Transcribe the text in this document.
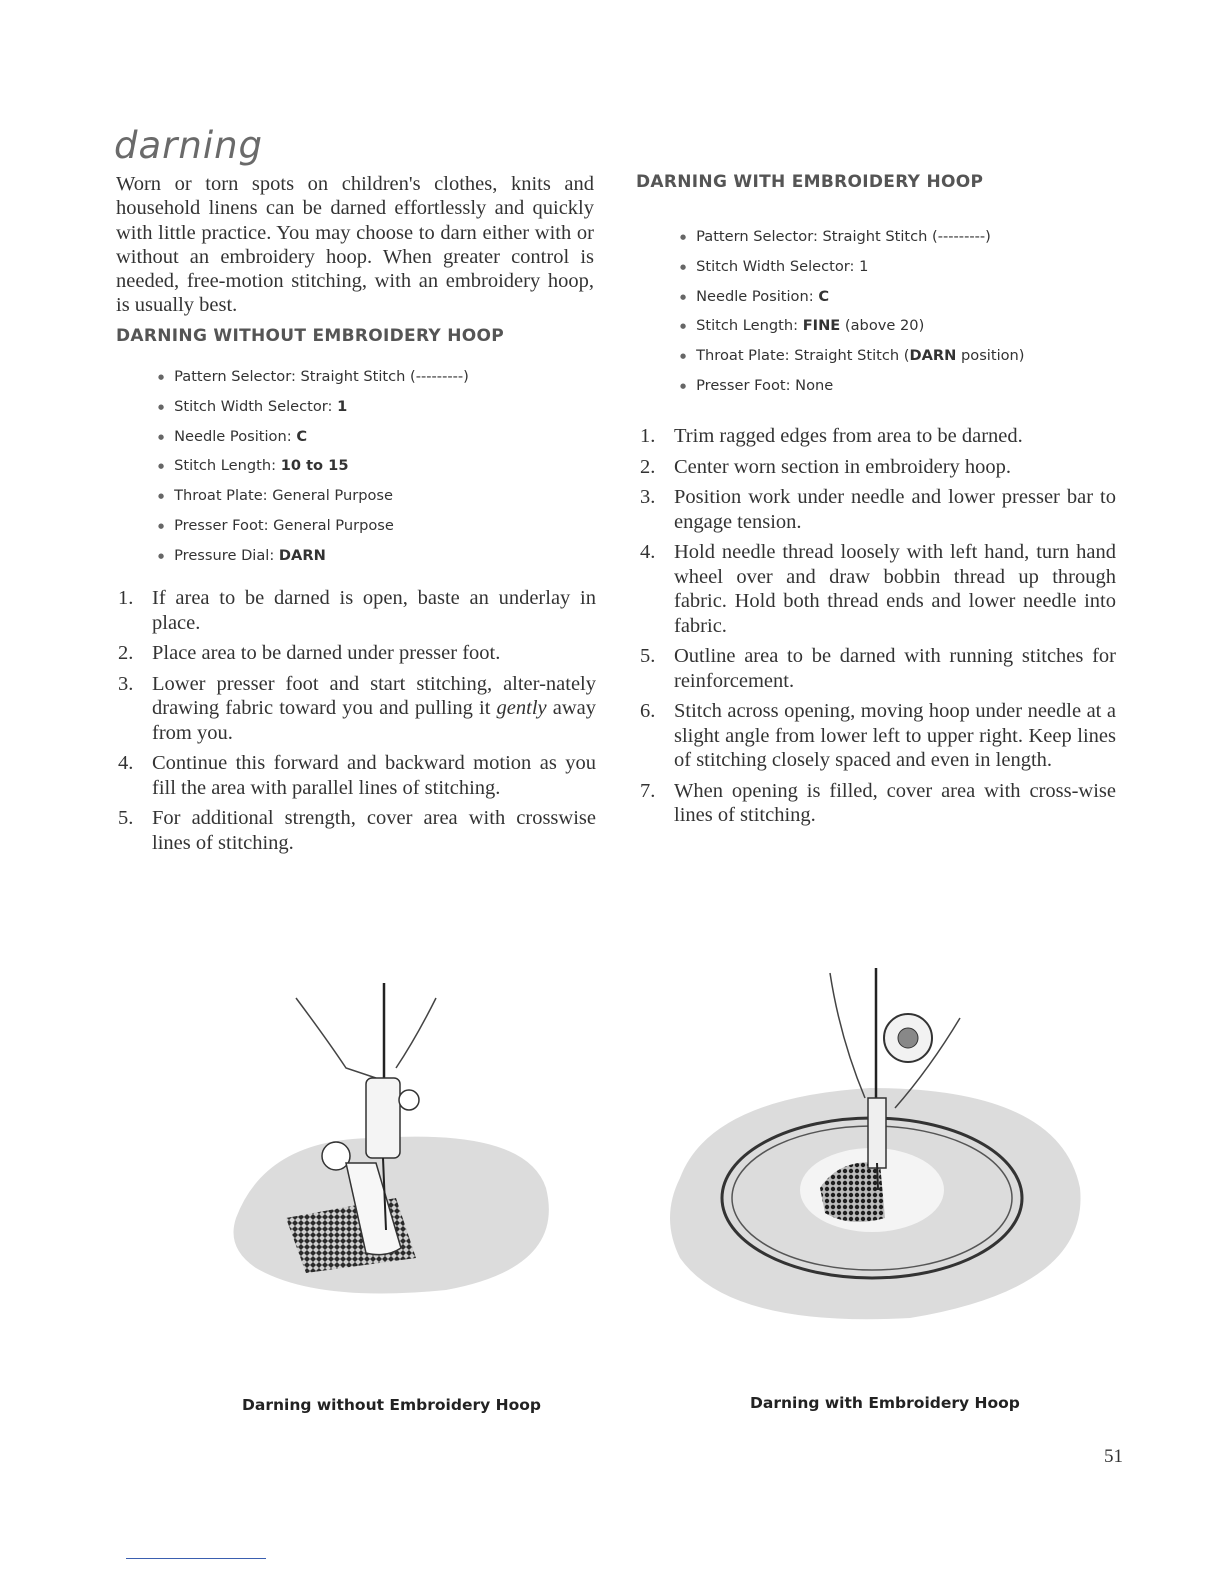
darning

Worn or torn spots on children's clothes, knits and household linens can be darned effortlessly and quickly with little practice. You may choose to darn either with or without an embroidery hoop. When greater control is needed, free-motion stitching, with an embroidery hoop, is usually best.

DARNING WITHOUT EMBROIDERY HOOP
● Pattern Selector: Straight Stitch (---------)
● Stitch Width Selector: 1
● Needle Position: C
● Stitch Length: 10 to 15
● Throat Plate: General Purpose
● Presser Foot: General Purpose
● Pressure Dial: DARN
1. If area to be darned is open, baste an underlay in place.
2. Place area to be darned under presser foot.
3. Lower presser foot and start stitching, alter-nately drawing fabric toward you and pulling it gently away from you.
4. Continue this forward and backward motion as you fill the area with parallel lines of stitching.
5. For additional strength, cover area with crosswise lines of stitching.
DARNING WITH EMBROIDERY HOOP
● Pattern Selector: Straight Stitch (---------)
● Stitch Width Selector: 1
● Needle Position: C
● Stitch Length: FINE (above 20)
● Throat Plate: Straight Stitch (DARN position)
● Presser Foot: None
1. Trim ragged edges from area to be darned.
2. Center worn section in embroidery hoop.
3. Position work under needle and lower presser bar to engage tension.
4. Hold needle thread loosely with left hand, turn hand wheel over and draw bobbin thread up through fabric. Hold both thread ends and lower needle into fabric.
5. Outline area to be darned with running stitches for reinforcement.
6. Stitch across opening, moving hoop under needle at a slight angle from lower left to upper right. Keep lines of stitching closely spaced and even in length.
7. When opening is filled, cover area with cross-wise lines of stitching.

Darning without Embroidery Hoop	Darning with Embroidery Hoop

51
